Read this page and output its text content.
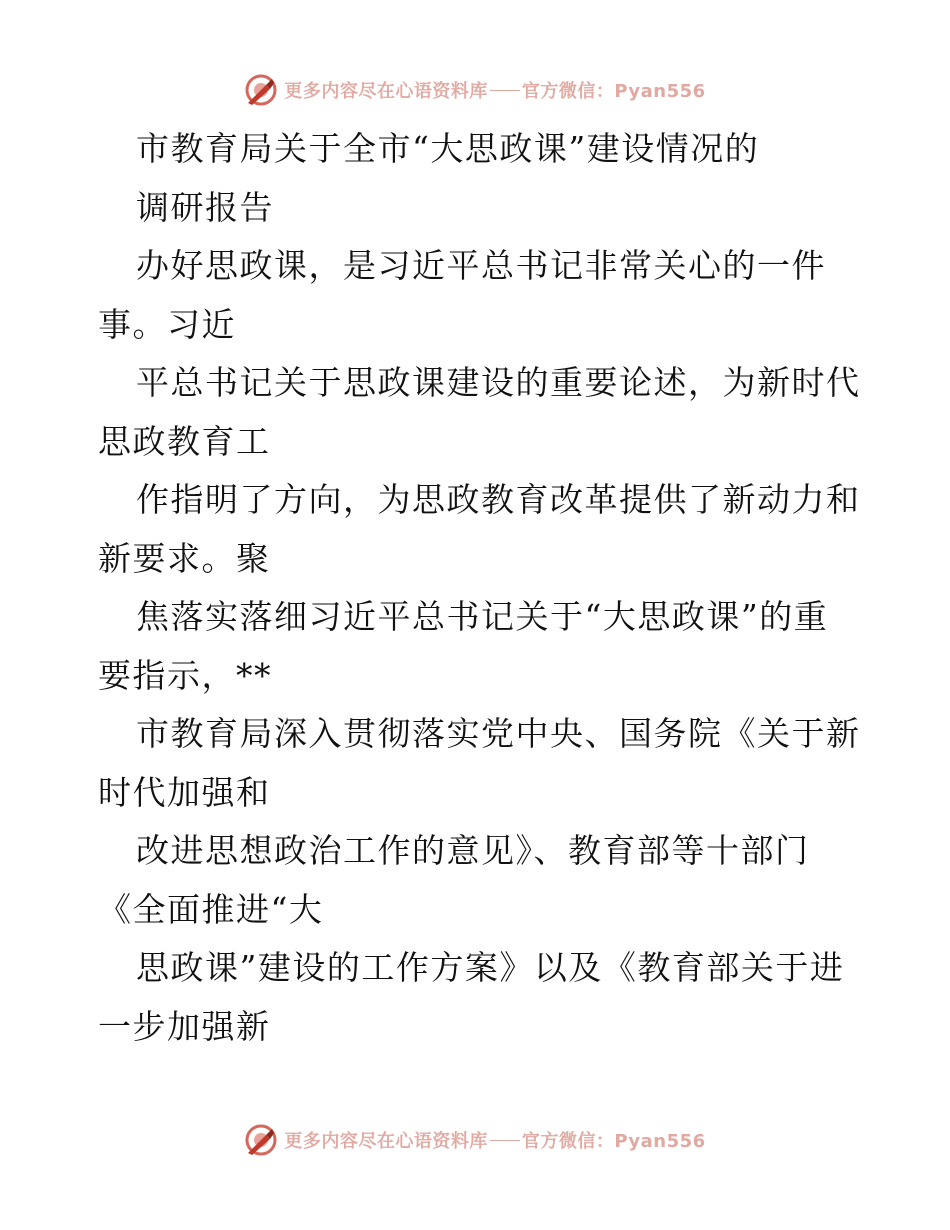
更多内容尽在心语资料库 官方微信：Pyan556
市教育局关于全市“大思政课”建设情况的
调研报告
办好思政课，是习近平总书记非常关心的一件
事。习近
平总书记关于思政课建设的重要论述，为新时代
思政教育工
作指明了方向，为思政教育改革提供了新动力和
新要求。聚
焦落实落细习近平总书记关于“大思政课”的重
要指示，**
市教育局深入贯彻落实党中央、国务院《关于新
时代加强和
改进思想政治工作的意见》、教育部等十部门
《全面推进“大
思政课”建设的工作方案》以及《教育部关于进
一步加强新
更多内容尽在心语资料库 官方微信：Pyan556
